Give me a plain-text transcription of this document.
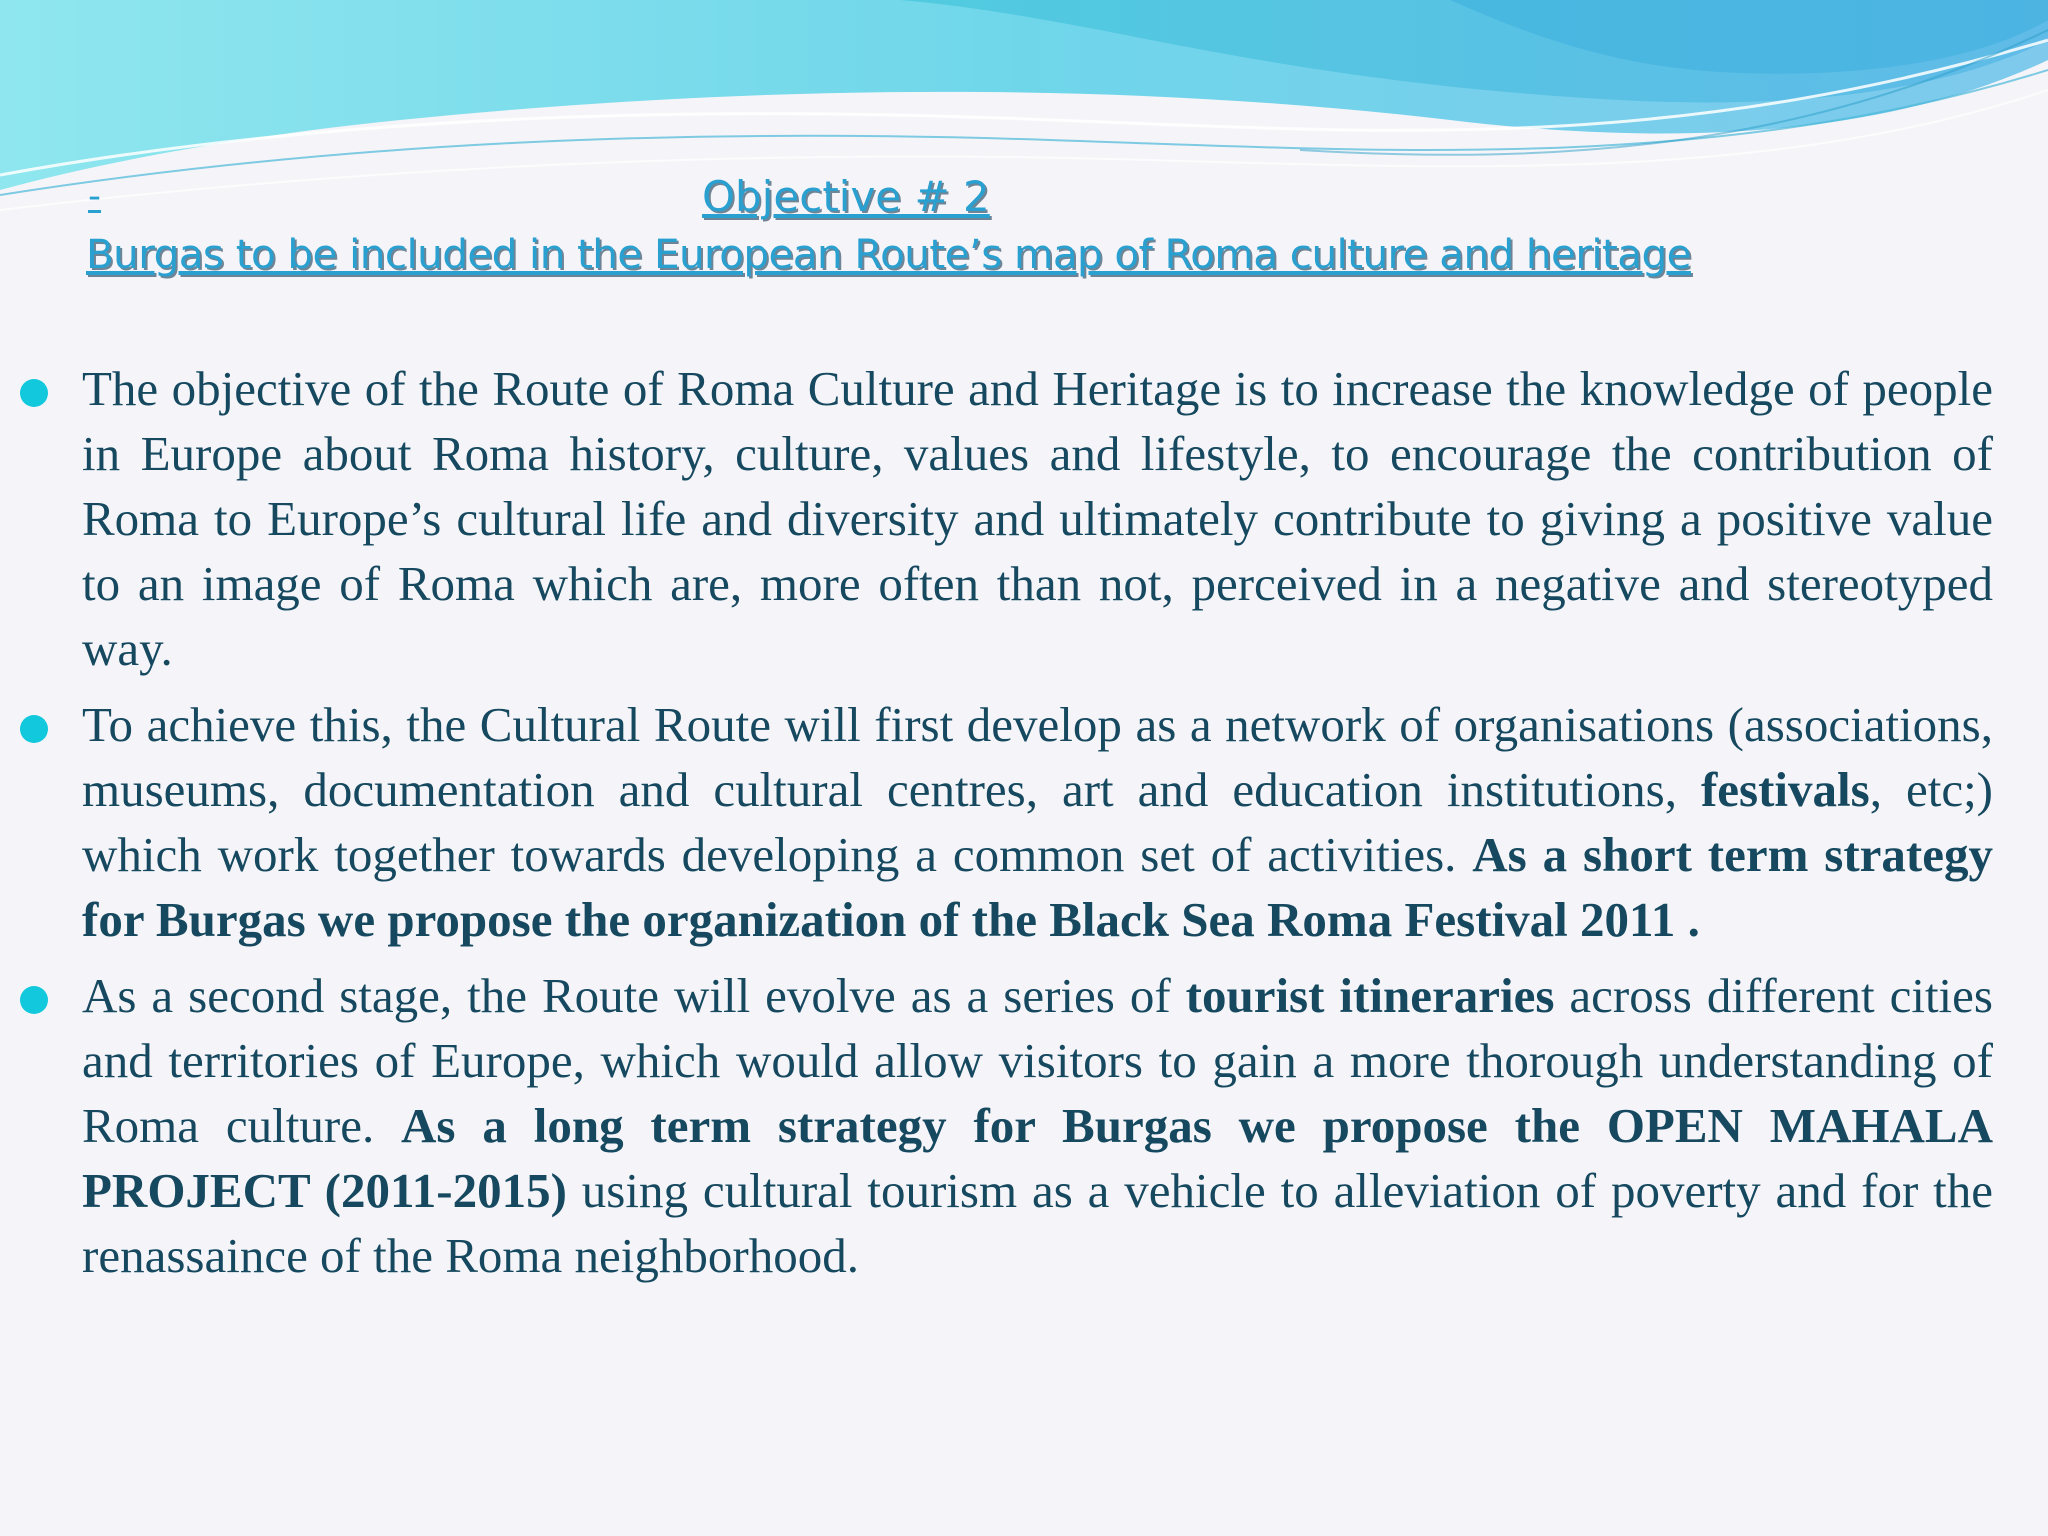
-	Objective # 2
Burgas to be included in the European Route’s map of Roma culture and heritage
The objective of the Route of Roma Culture and Heritage is to increase the knowledge of people in Europe about Roma history, culture, values and lifestyle, to encourage the contribution of Roma to Europe’s cultural life and diversity and ultimately contribute to giving a positive value to an image of Roma which are, more often than not, perceived in a negative and stereotyped way.
To achieve this, the Cultural Route will first develop as a network of organisations (associations, museums, documentation and cultural centres, art and education institutions, festivals, etc;) which work together towards developing a common set of activities. As a short term strategy for Burgas we propose the organization of the Black Sea Roma Festival 2011 .
As a second stage, the Route will evolve as a series of tourist itineraries across different cities and territories of Europe, which would allow visitors to gain a more thorough understanding of Roma culture. As a long term strategy for Burgas we propose the OPEN MAHALA PROJECT (2011-2015) using cultural tourism as a vehicle to alleviation of poverty and for the renassaince of the Roma neighborhood.
